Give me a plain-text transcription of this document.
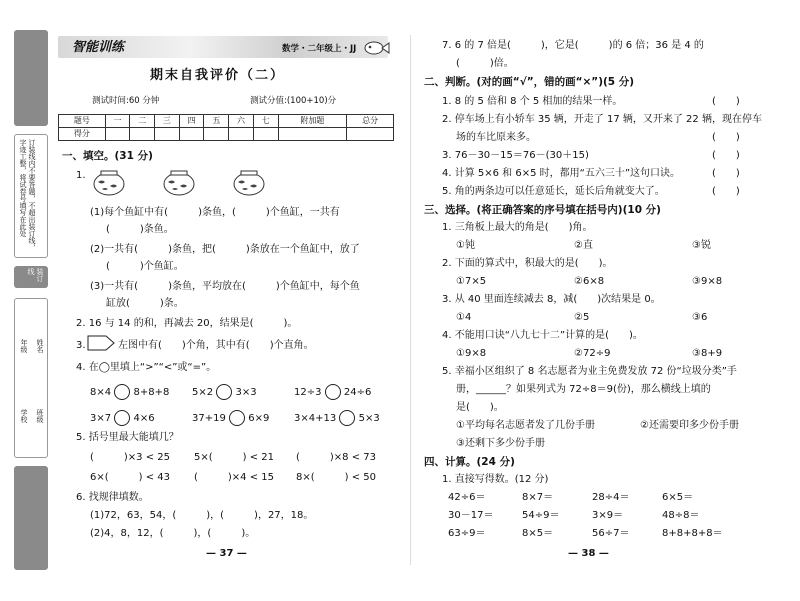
订装线内不要答题，不超出装订线，字迹工整，将试卷号填写在此处
装订线
年级 姓名
学校 班级
智能训练	数学・二年级上・JJ
期末自我评价（二）
测试时间:60 分钟	测试分值:(100+10)分
题号	一	二	三	四	五	六	七	附加题	总分
得分									
一、填空。(31 分)
1.
(1)每个鱼缸中有(　　　)条鱼，(　　　)个鱼缸，一共有
(　　　)条鱼。
(2)一共有(　　　)条鱼，把(　　　)条放在一个鱼缸中，放了
(　　　)个鱼缸。
(3)一共有(　　　)条鱼，平均放在(　　　)个鱼缸中，每个鱼
缸放(　　　)条。
2. 16 与 14 的和，再减去 20，结果是(　　　)。
3.	左图中有(　　)个角，其中有(　　)个直角。
4. 在◯里填上“>”“<”或“=”。
8×4 8+8+8 5×2 3×3	12÷3 24÷6
3×7 4×6	37+19 6×9 3×4+13 5×3
5. 括号里最大能填几？
(　　　)×3 < 25 5×(　　　) < 21 (　　　)×8 < 73
6×(　　　) < 43 (　　　)×4 < 15 8×(　　　) < 50
6. 找规律填数。
(1)72，63，54，(　　　)，(　　　)，27，18。
(2)4，8，12，(　　　)，(　　　)。
— 37 —
7. 6 的 7 倍是(　　　)，它是(　　　)的 6 倍；36 是 4 的
(　　　)倍。
二、判断。(对的画“√”，错的画“×”)(5 分)
1. 8 的 5 倍和 8 个 5 相加的结果一样。	(　　)
2. 停车场上有小轿车 35 辆，开走了 17 辆，又开来了 22 辆，现在停车
场的车比原来多。	(　　)
3. 76－30－15＝76－(30＋15)	(　　)
4. 计算 5×6 和 6×5 时，都用“五六三十”这句口诀。	(　　)
5. 角的两条边可以任意延长，延长后角就变大了。	(　　)
三、选择。(将正确答案的序号填在括号内)(10 分)
1. 三角板上最大的角是(　　)角。
①钝	②直	③锐
2. 下面的算式中，积最大的是(　　)。
①7×5	②6×8	③9×8
3. 从 40 里面连续减去 8，减(　　)次结果是 0。
①4	②5	③6
4. 不能用口诀“八九七十二”计算的是(　　)。
①9×8	②72÷9	③8+9
5. 幸福小区组织了 8 名志愿者为业主免费发放 72 份“垃圾分类”手
册，______？如果列式为 72÷8＝9(份)，那么横线上填的
是(　　)。
①平均每名志愿者发了几份手册	②还需要印多少份手册
③还剩下多少份手册
四、计算。(24 分)
1. 直接写得数。(12 分)
42÷6＝	8×7＝	28÷4＝	6×5＝
30－17＝	54÷9＝	3×9＝	48÷8＝
63÷9＝	8×5＝	56÷7＝	8+8+8+8＝
— 38 —
